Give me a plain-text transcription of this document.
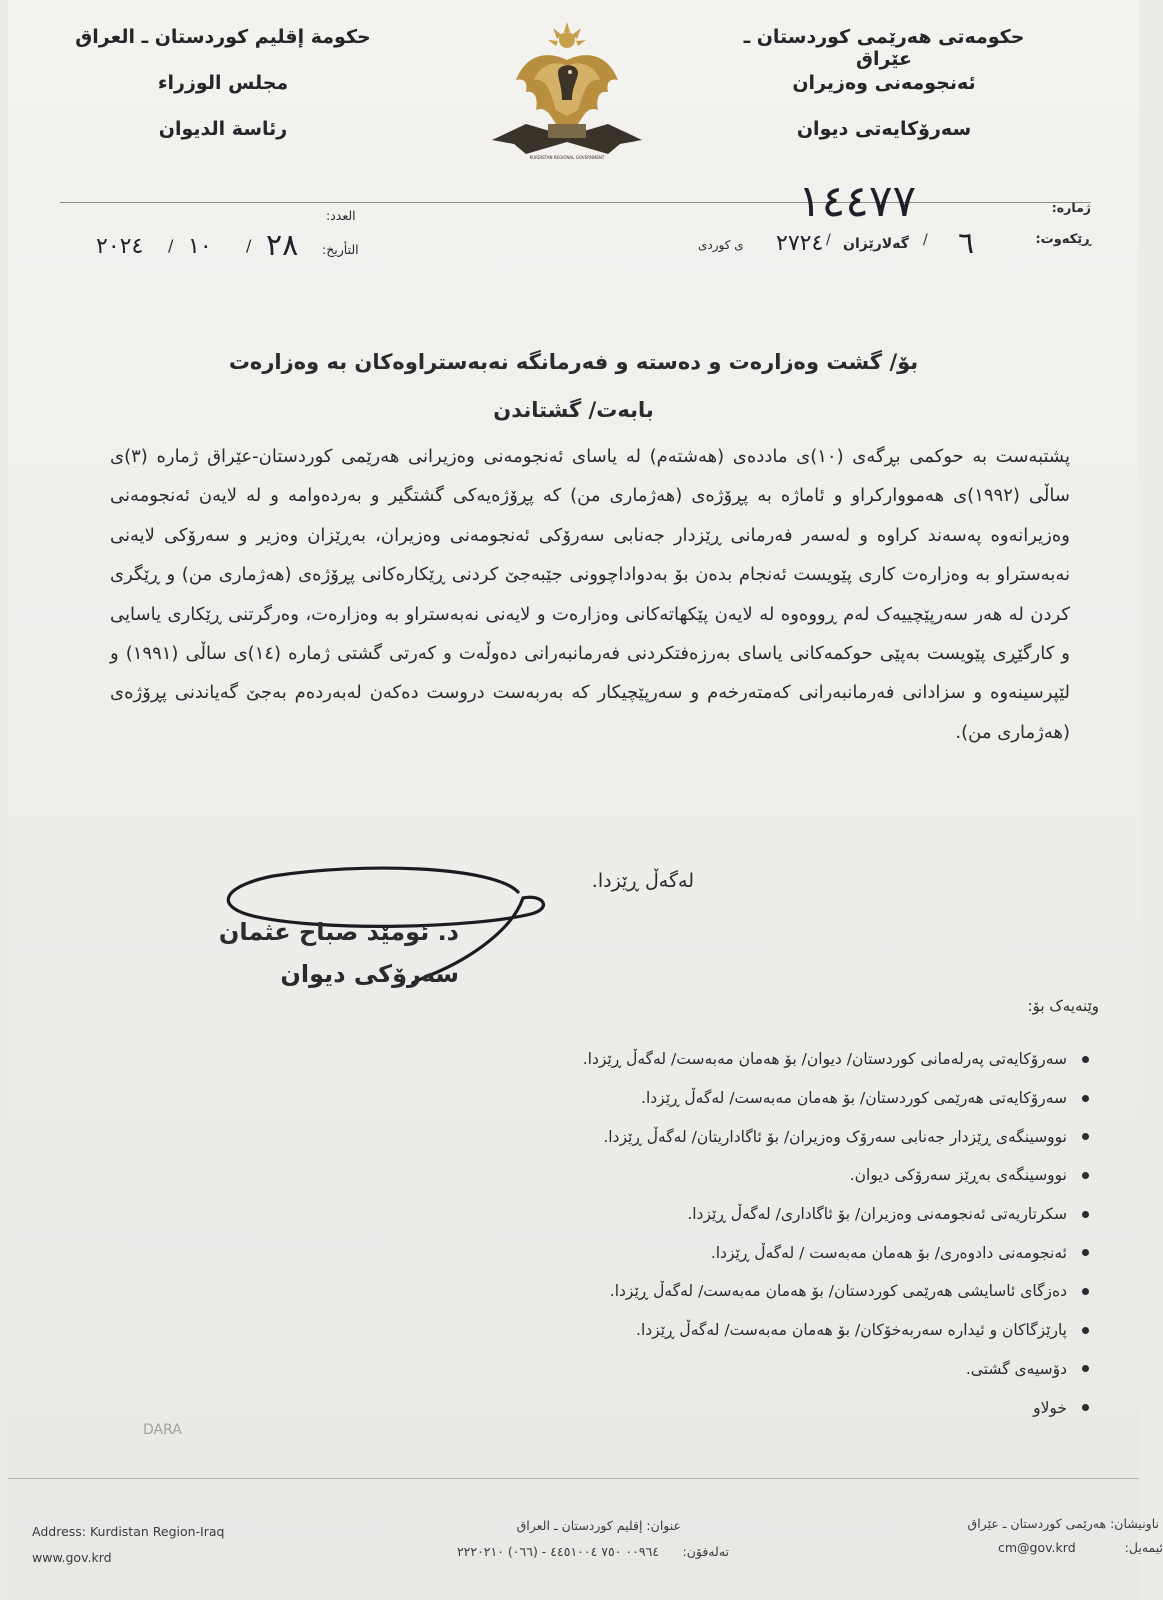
حکومەتی هەرێمی کوردستان ـ عێراق
ئەنجومەنی وەزیران
سەرۆکایەتی دیوان
حكومة إقليم كوردستان ـ العراق
مجلس الوزراء
رئاسة الديوان
KURDISTAN REGIONAL GOVERNMENT
ژمارە:
١٤٤٧٧
ڕێکەوت:
٦
/
گەلارێزان
/
٢٧٢٤
ی کوردی
العدد:
التأريخ:
٢٨
/
١٠
/
٢٠٢٤
بۆ/ گشت وەزارەت و دەستە و فەرمانگە نەبەستراوەکان بە وەزارەت
بابەت/ گشتاندن

پشتبەست بە حوکمی بڕگەی (١٠)ی ماددەی (هەشتەم) لە یاسای ئەنجومەنی وەزیرانی هەرێمی کوردستان-عێراق ژمارە (٣)ی ساڵی (١٩٩٢)ی هەمووارکراو و ئاماژە بە پڕۆژەی (هەژماری من) کە پڕۆژەیەکی گشتگیر و بەردەوامە و لە لایەن ئەنجومەنی وەزیرانەوە پەسەند کراوە و لەسەر فەرمانی ڕێزدار جەنابی سەرۆکی ئەنجومەنی وەزیران، بەڕێزان وەزیر و سەرۆکی لایەنی نەبەستراو بە وەزارەت کاری پێویست ئەنجام بدەن بۆ بەدواداچوونی جێبەجێ کردنی ڕێکارەکانی پڕۆژەی (هەژماری من) و ڕێگری کردن لە هەر سەرپێچییەک لەم ڕووەوە لە لایەن پێکهاتەکانی وەزارەت و لایەنی نەبەستراو بە وەزارەت، وەرگرتنی ڕێکاری یاسایی و کارگێڕی پێویست بەپێی حوکمەکانی یاسای بەرزەفتکردنی فەرمانبەرانی دەوڵەت و کەرتی گشتی ژمارە (١٤)ی ساڵی (١٩٩١) و لێپرسینەوە و سزادانی فەرمانبەرانی کەمتەرخەم و سەرپێچیکار کە بەربەست دروست دەکەن لەبەردەم بەجێ گەیاندنی پڕۆژەی (هەژماری من).

لەگەڵ ڕێزدا.
د. ئومێد صباح عثمان
سەرۆکی دیوان
وێنەیەک بۆ:
سەرۆکایەتی پەرلەمانی کوردستان/ دیوان/ بۆ هەمان مەبەست/ لەگەڵ ڕێزدا.
سەرۆکایەتی هەرێمی کوردستان/ بۆ هەمان مەبەست/ لەگەڵ ڕێزدا.
نووسینگەی ڕێزدار جەنابی سەرۆک وەزیران/ بۆ ئاگاداریتان/ لەگەڵ ڕێزدا.
نووسینگەی بەڕێز سەرۆکی دیوان.
سکرتاریەتی ئەنجومەنی وەزیران/ بۆ ئاگاداری/ لەگەڵ ڕێزدا.
ئەنجومەنی دادوەری/ بۆ هەمان مەبەست / لەگەڵ ڕێزدا.
دەزگای ئاسایشی هەرێمی کوردستان/ بۆ هەمان مەبەست/ لەگەڵ ڕێزدا.
پارێزگاکان و ئیدارە سەربەخۆکان/ بۆ هەمان مەبەست/ لەگەڵ ڕێزدا.
دۆسیەی گشتی.
خولاو
DARA
Address: Kurdistan Region-Iraq
www.gov.krd
عنوان: إقليم كوردستان ـ العراق
تەلەفۆن:
٠٠٩٦٤ ٧٥٠ ٤٤٥١٠٠٤ - (٠٦٦) ٢٢٢٠٢١٠
ناونیشان: هەرێمی کوردستان ـ عێراق
cm@gov.krd	ئیمەیل:
